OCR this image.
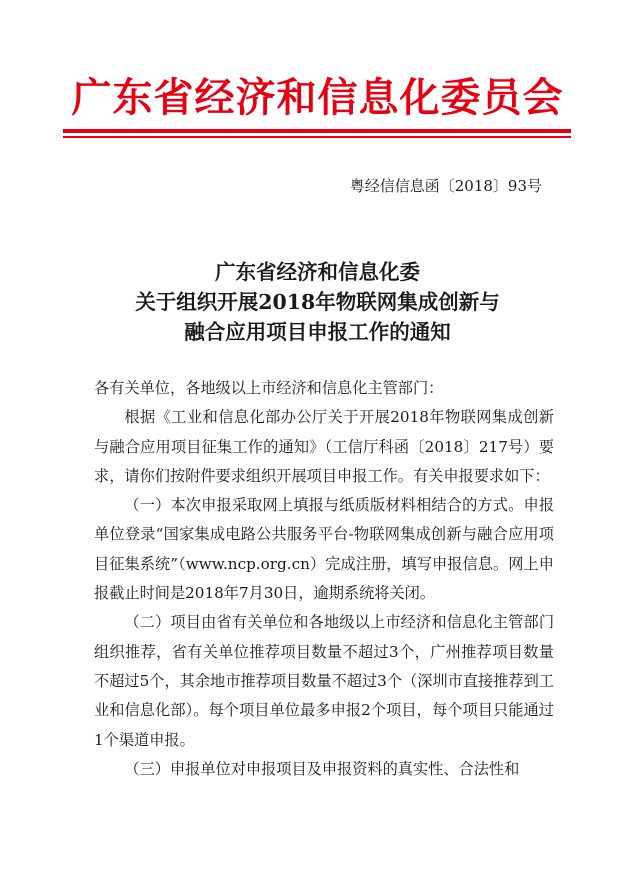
广东省经济和信息化委员会
粤经信信息函〔2018〕93号
广东省经济和信息化委
关于组织开展2018年物联网集成创新与
融合应用项目申报工作的通知

各有关单位，各地级以上市经济和信息化主管部门：

根据《工业和信息化部办公厅关于开展2018年物联网集成创新与融合应用项目征集工作的通知》（工信厅科函〔2018〕217号）要求，请你们按附件要求组织开展项目申报工作。有关申报要求如下：

（一）本次申报采取网上填报与纸质版材料相结合的方式。申报单位登录“国家集成电路公共服务平台-物联网集成创新与融合应用项目征集系统”（www.ncp.org.cn）完成注册，填写申报信息。网上申报截止时间是2018年7月30日，逾期系统将关闭。

（二）项目由省有关单位和各地级以上市经济和信息化主管部门组织推荐，省有关单位推荐项目数量不超过3个，广州推荐项目数量不超过5个，其余地市推荐项目数量不超过3个（深圳市直接推荐到工业和信息化部）。每个项目单位最多申报2个项目，每个项目只能通过1个渠道申报。

（三）申报单位对申报项目及申报资料的真实性、合法性和
